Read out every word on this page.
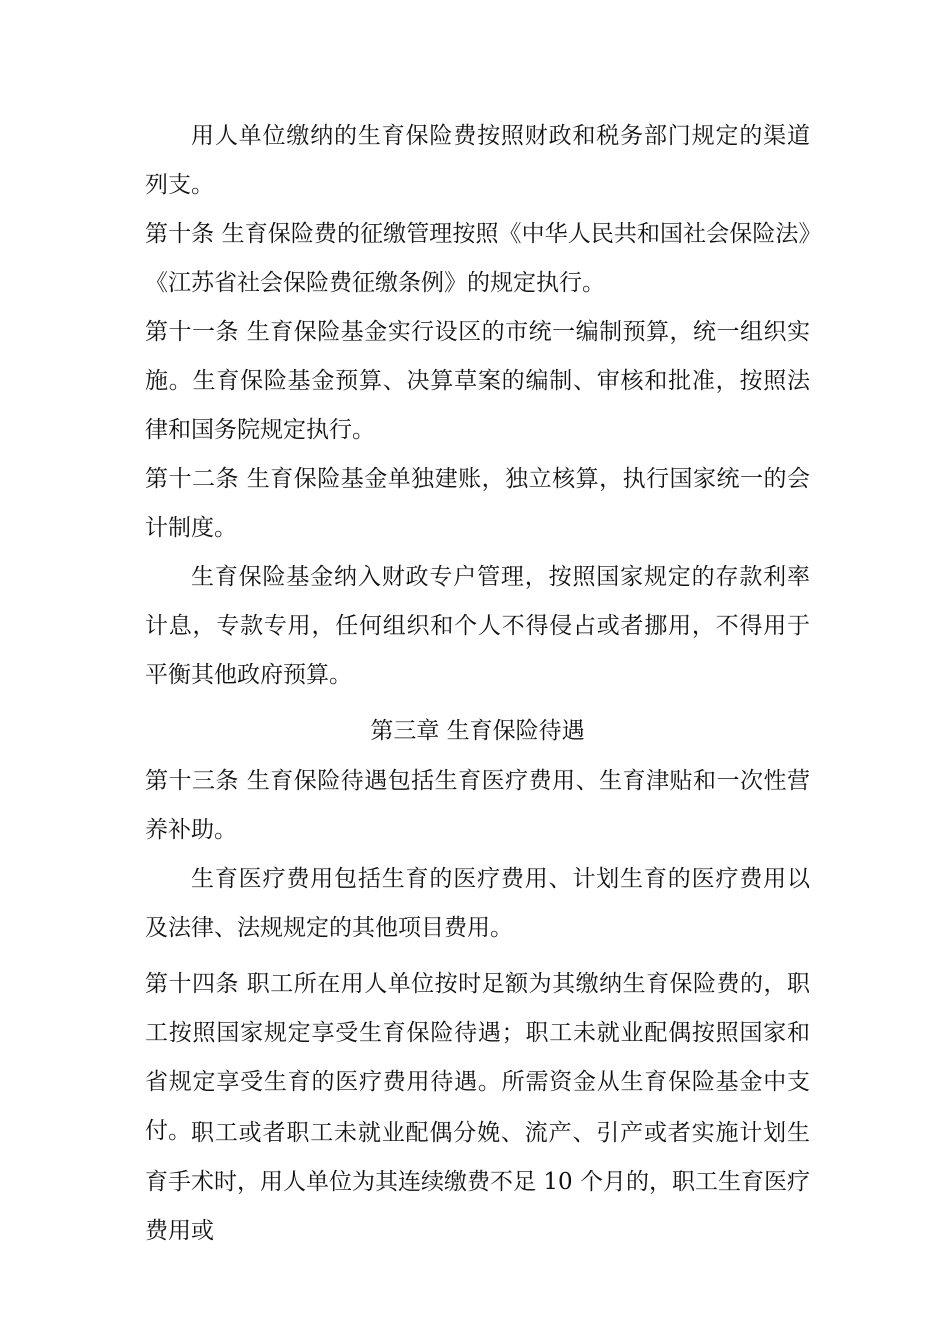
用人单位缴纳的生育保险费按照财政和税务部门规定的渠道列支。

第十条 生育保险费的征缴管理按照《中华人民共和国社会保险法》《江苏省社会保险费征缴条例》的规定执行。

第十一条 生育保险基金实行设区的市统一编制预算，统一组织实施。生育保险基金预算、决算草案的编制、审核和批准，按照法律和国务院规定执行。

第十二条 生育保险基金单独建账，独立核算，执行国家统一的会计制度。

生育保险基金纳入财政专户管理，按照国家规定的存款利率计息，专款专用，任何组织和个人不得侵占或者挪用，不得用于平衡其他政府预算。

第三章 生育保险待遇

第十三条 生育保险待遇包括生育医疗费用、生育津贴和一次性营养补助。

生育医疗费用包括生育的医疗费用、计划生育的医疗费用以及法律、法规规定的其他项目费用。

第十四条 职工所在用人单位按时足额为其缴纳生育保险费的，职工按照国家规定享受生育保险待遇；职工未就业配偶按照国家和省规定享受生育的医疗费用待遇。所需资金从生育保险基金中支付。 职工或者职工未就业配偶分娩、流产、引产或者实施计划生育手术时，用人单位为其连续缴费不足 10 个月的，职工生育医疗费用或
